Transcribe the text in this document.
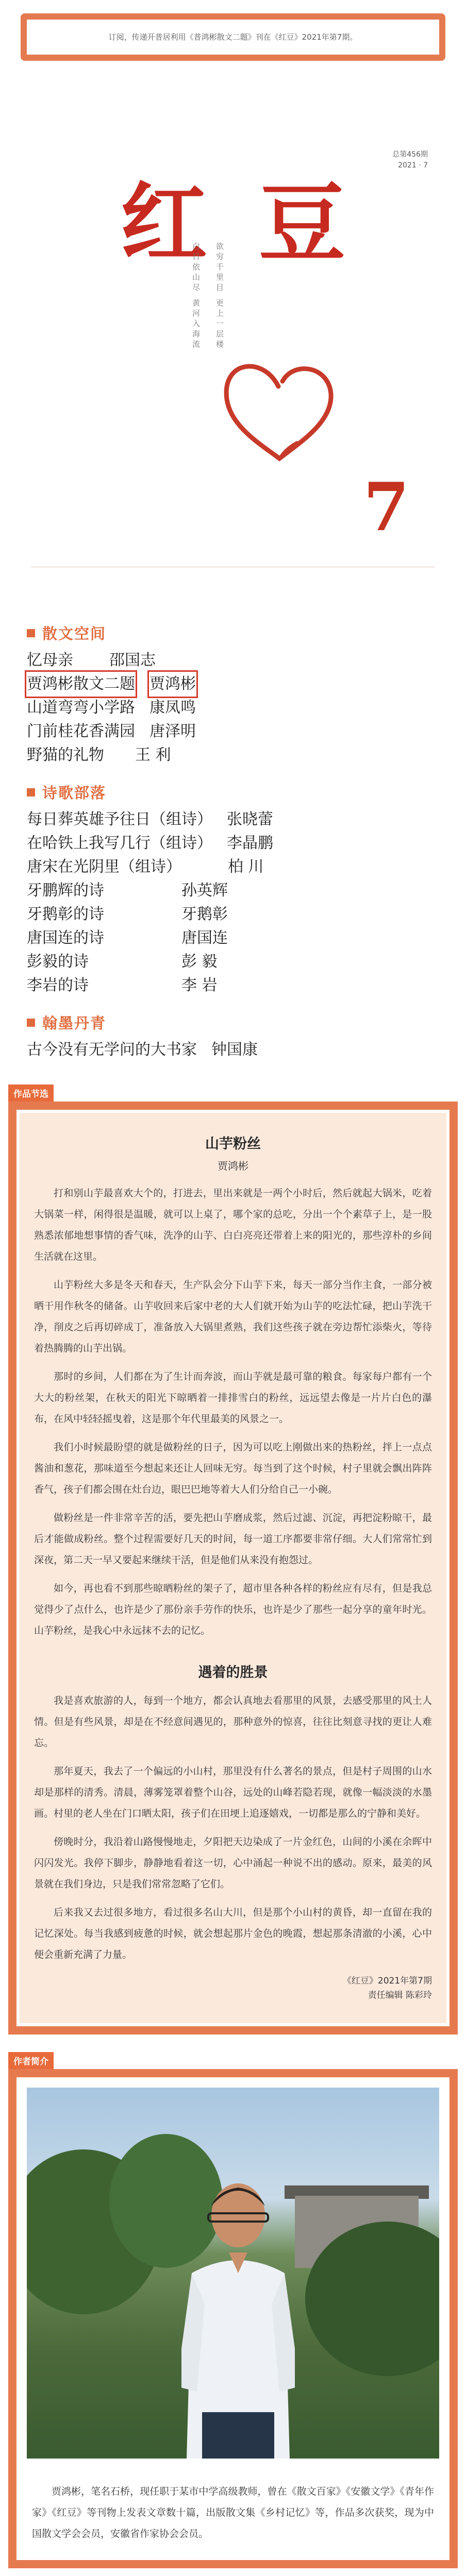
订阅，传递开普居利用《普鸿彬散文二题》刊在《红豆》2021年第7期。
总第456期
2021 · 7
红豆
白日依山尽 黄河入海流 欲穷千里目 更上一层楼
7
散文空间
忆母亲 邵国志
贾鸿彬散文二题 贾鸿彬
山道弯弯小学路 康凤鸣
门前桂花香满园 唐泽明
野猫的礼物 王 利
诗歌部落
每日葬英雄予往日（组诗） 张晓蕾
在哈铁上我写几行（组诗） 李晶鹏
唐宋在光阴里（组诗）	柏 川
牙鹏辉的诗	孙英辉
牙鹅彰的诗	牙鹅彰
唐国连的诗	唐国连
彭毅的诗	彭 毅
李岩的诗	李 岩
翰墨丹青
古今没有无学问的大书家 钟国康
作品节选
山芋粉丝
贾鸿彬

打和别山芋最喜欢大个的，打进去，里出来就是一两个小时后，然后就起大锅米，吃着大锅菜一样，闲得很是温暖，就可以上桌了，哪个家的总吃，分出一个个素草子上，是一股熟悉浓郁地想事情的香气味，洗净的山芋、白白亮亮还带着上来的阳光的，那些淳朴的乡间生活就在这里。

山芋粉丝大多是冬天和春天，生产队会分下山芋下来，每天一部分当作主食，一部分被晒干用作秋冬的储备。山芋收回来后家中老的大人们就开始为山芋的吃法忙碌，把山芋洗干净，削皮之后再切碎成丁，准备放入大锅里煮熟，我们这些孩子就在旁边帮忙添柴火，等待着热腾腾的山芋出锅。

那时的乡间，人们都在为了生计而奔波，而山芋就是最可靠的粮食。每家每户都有一个大大的粉丝架，在秋天的阳光下晾晒着一排排雪白的粉丝，远远望去像是一片片白色的瀑布，在风中轻轻摇曳着，这是那个年代里最美的风景之一。

我们小时候最盼望的就是做粉丝的日子，因为可以吃上刚做出来的热粉丝，拌上一点点酱油和葱花，那味道至今想起来还让人回味无穷。每当到了这个时候，村子里就会飘出阵阵香气，孩子们都会围在灶台边，眼巴巴地等着大人们分给自己一小碗。

做粉丝是一件非常辛苦的活，要先把山芋磨成浆，然后过滤、沉淀，再把淀粉晾干，最后才能做成粉丝。整个过程需要好几天的时间，每一道工序都要非常仔细。大人们常常忙到深夜，第二天一早又要起来继续干活，但是他们从来没有抱怨过。

如今，再也看不到那些晾晒粉丝的架子了，超市里各种各样的粉丝应有尽有，但是我总觉得少了点什么，也许是少了那份亲手劳作的快乐，也许是少了那些一起分享的童年时光。山芋粉丝，是我心中永远抹不去的记忆。

遇着的胜景

我是喜欢旅游的人，每到一个地方，都会认真地去看那里的风景，去感受那里的风土人情。但是有些风景，却是在不经意间遇见的，那种意外的惊喜，往往比刻意寻找的更让人难忘。

那年夏天，我去了一个偏远的小山村，那里没有什么著名的景点，但是村子周围的山水却是那样的清秀。清晨，薄雾笼罩着整个山谷，远处的山峰若隐若现，就像一幅淡淡的水墨画。村里的老人坐在门口晒太阳，孩子们在田埂上追逐嬉戏，一切都是那么的宁静和美好。

傍晚时分，我沿着山路慢慢地走，夕阳把天边染成了一片金红色，山间的小溪在余晖中闪闪发光。我停下脚步，静静地看着这一切，心中涌起一种说不出的感动。原来，最美的风景就在我们身边，只是我们常常忽略了它们。

后来我又去过很多地方，看过很多名山大川，但是那个小山村的黄昏，却一直留在我的记忆深处。每当我感到疲惫的时候，就会想起那片金色的晚霞，想起那条清澈的小溪，心中便会重新充满了力量。

《红豆》2021年第7期
责任编辑 陈彩玲
作者简介

贾鸿彬，笔名石桥，现任职于某市中学高级教师，曾在《散文百家》《安徽文学》《青年作家》《红豆》等刊物上发表文章数十篇，出版散文集《乡村记忆》等，作品多次获奖，现为中国散文学会会员，安徽省作家协会会员。
